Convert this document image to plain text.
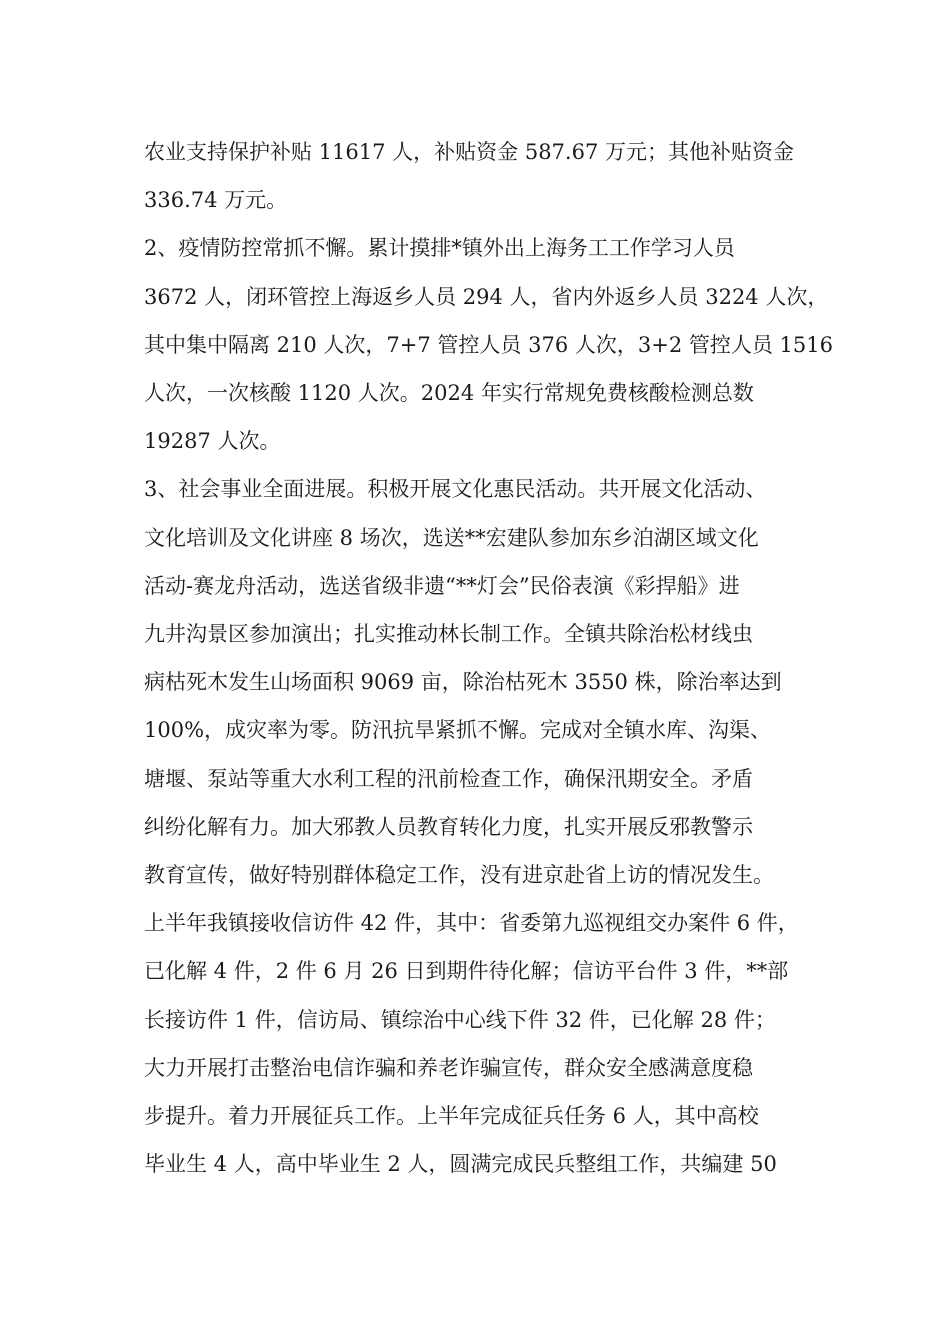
农业支持保护补贴 11617 人，补贴资金 587.67 万元；其他补贴资金
336.74 万元。
2、疫情防控常抓不懈。累计摸排*镇外出上海务工工作学习人员
3672 人，闭环管控上海返乡人员 294 人，省内外返乡人员 3224 人次，
其中集中隔离 210 人次，7+7 管控人员 376 人次，3+2 管控人员 1516
人次，一次核酸 1120 人次。2024 年实行常规免费核酸检测总数
19287 人次。
3、社会事业全面进展。积极开展文化惠民活动。共开展文化活动、
文化培训及文化讲座 8 场次，选送**宏建队参加东乡泊湖区域文化
活动-赛龙舟活动，选送省级非遗“**灯会”民俗表演《彩捍船》进
九井沟景区参加演出；扎实推动林长制工作。全镇共除治松材线虫
病枯死木发生山场面积 9069 亩，除治枯死木 3550 株，除治率达到
100%，成灾率为零。防汛抗旱紧抓不懈。完成对全镇水库、沟渠、
塘堰、泵站等重大水利工程的汛前检查工作，确保汛期安全。矛盾
纠纷化解有力。加大邪教人员教育转化力度，扎实开展反邪教警示
教育宣传，做好特别群体稳定工作，没有进京赴省上访的情况发生。
上半年我镇接收信访件 42 件，其中：省委第九巡视组交办案件 6 件，
已化解 4 件，2 件 6 月 26 日到期件待化解；信访平台件 3 件，**部
长接访件 1 件，信访局、镇综治中心线下件 32 件，已化解 28 件；
大力开展打击整治电信诈骗和养老诈骗宣传，群众安全感满意度稳
步提升。着力开展征兵工作。上半年完成征兵任务 6 人，其中高校
毕业生 4 人，高中毕业生 2 人，圆满完成民兵整组工作，共编建 50
